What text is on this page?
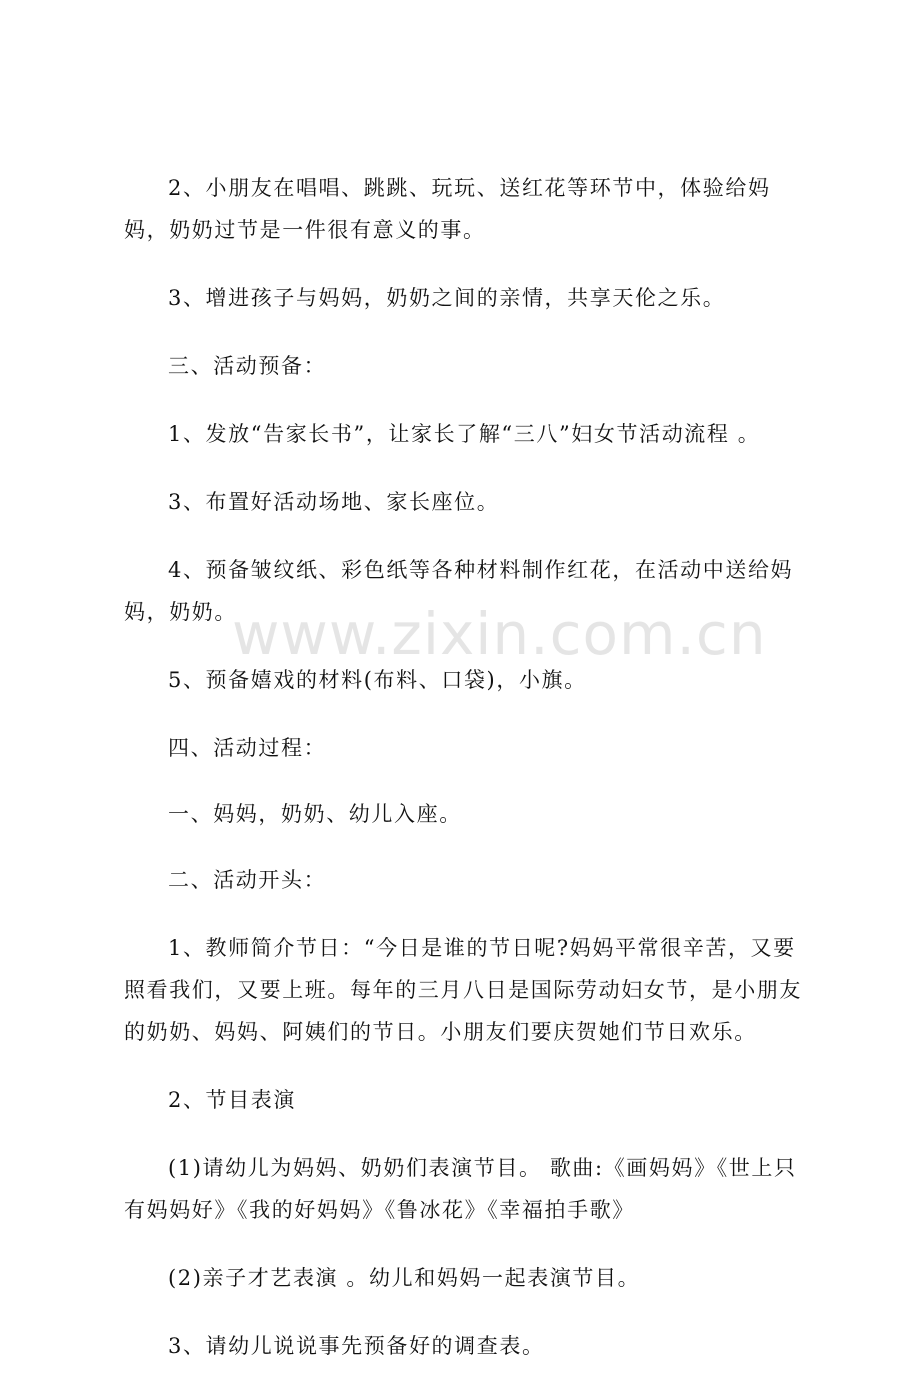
2、小朋友在唱唱、跳跳、玩玩、送红花等环节中，体验给妈妈，奶奶过节是一件很有意义的事。

3、增进孩子与妈妈，奶奶之间的亲情，共享天伦之乐。

三、活动预备：

1、发放“告家长书”，让家长了解“三八”妇女节活动流程 。

3、布置好活动场地、家长座位。

4、预备皱纹纸、彩色纸等各种材料制作红花，在活动中送给妈妈，奶奶。

5、预备嬉戏的材料(布料、口袋)，小旗。

四、活动过程：

一、妈妈，奶奶、幼儿入座。

二、活动开头：

1、教师简介节日：“今日是谁的节日呢?妈妈平常很辛苦，又要照看我们，又要上班。每年的三月八日是国际劳动妇女节，是小朋友的奶奶、妈妈、阿姨们的节日。小朋友们要庆贺她们节日欢乐。

2、节目表演

(1)请幼儿为妈妈、奶奶们表演节目。 歌曲:《画妈妈》《世上只有妈妈好》《我的好妈妈》《鲁冰花》《幸福拍手歌》

(2)亲子才艺表演 。幼儿和妈妈一起表演节目。

3、请幼儿说说事先预备好的调查表。

www.zixin.com.cn
